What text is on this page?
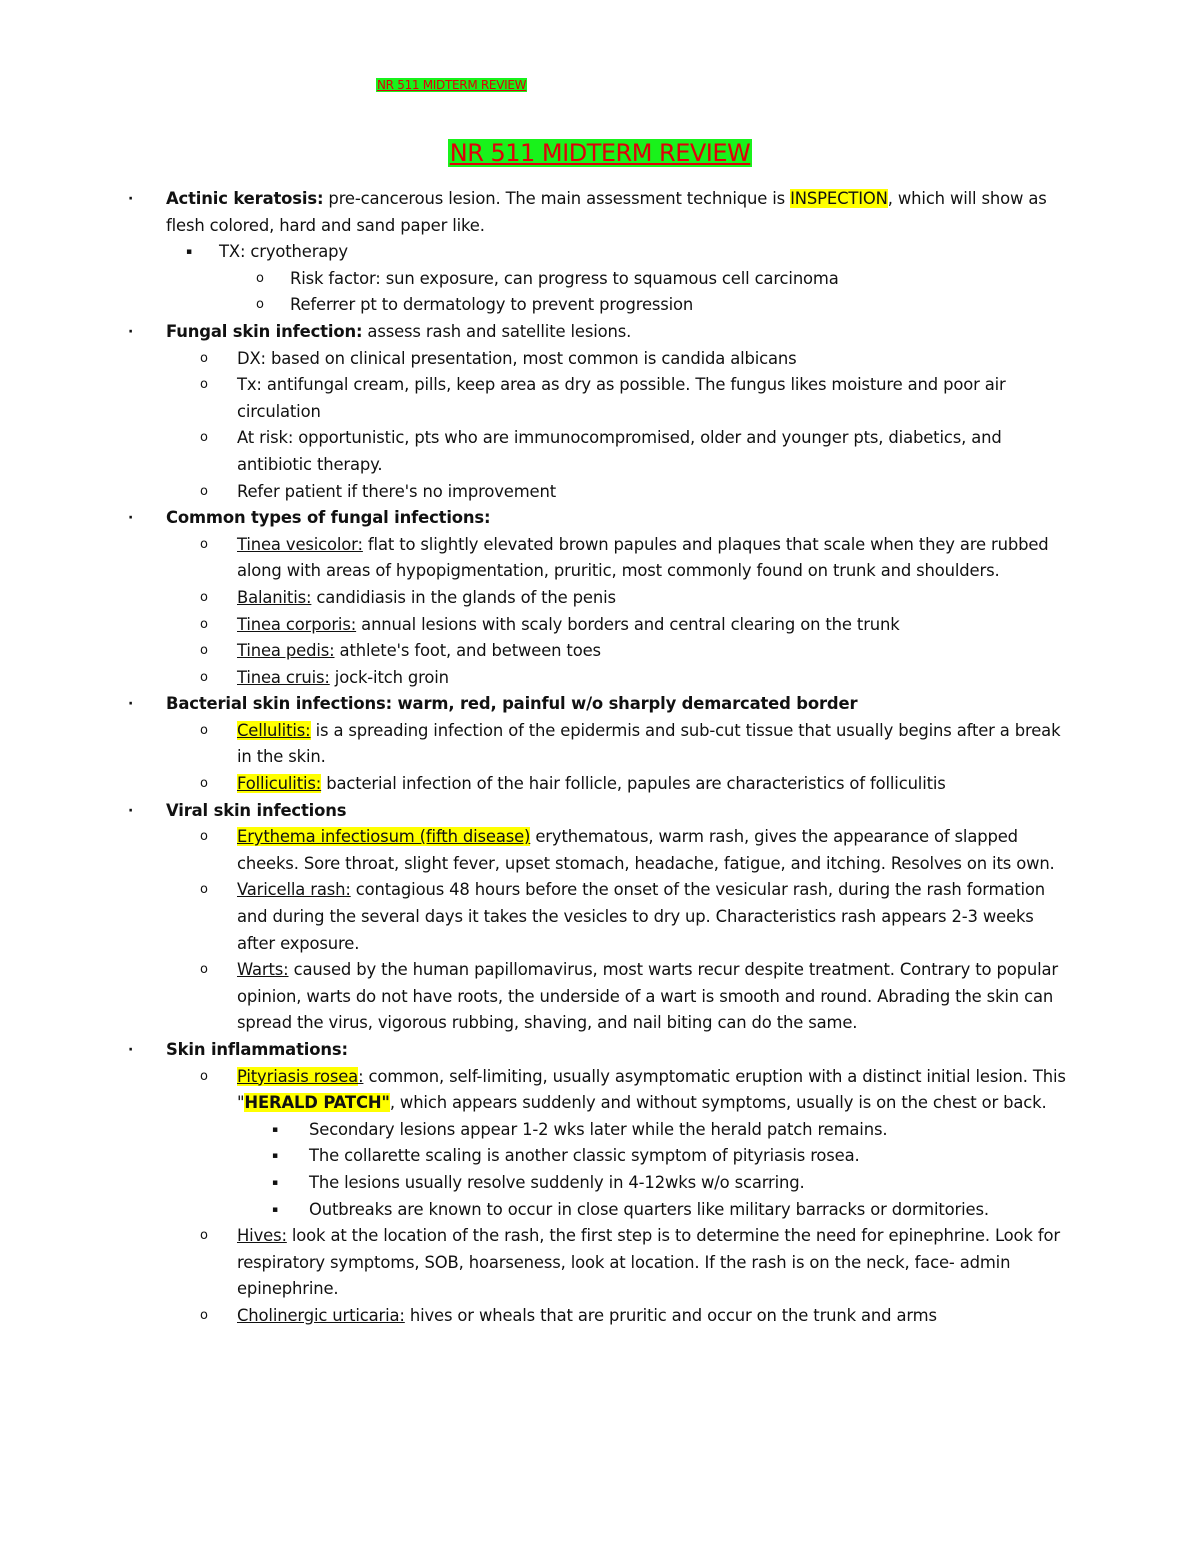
NR 511 MIDTERM REVIEW
NR 511 MIDTERM REVIEW
· Actinic keratosis: pre-cancerous lesion. The main assessment technique is INSPECTION, which will show as flesh colored, hard and sand paper like.
▪ TX: cryotherapy
o Risk factor: sun exposure, can progress to squamous cell carcinoma
o Referrer pt to dermatology to prevent progression
· Fungal skin infection: assess rash and satellite lesions.
o DX: based on clinical presentation, most common is candida albicans
o Tx: antifungal cream, pills, keep area as dry as possible. The fungus likes moisture and poor air circulation
o At risk: opportunistic, pts who are immunocompromised, older and younger pts, diabetics, and antibiotic therapy.
o Refer patient if there's no improvement
· Common types of fungal infections:
o Tinea vesicolor: flat to slightly elevated brown papules and plaques that scale when they are rubbed along with areas of hypopigmentation, pruritic, most commonly found on trunk and shoulders.
o Balanitis: candidiasis in the glands of the penis
o Tinea corporis: annual lesions with scaly borders and central clearing on the trunk
o Tinea pedis: athlete's foot, and between toes
o Tinea cruis: jock-itch groin
· Bacterial skin infections: warm, red, painful w/o sharply demarcated border
o Cellulitis: is a spreading infection of the epidermis and sub-cut tissue that usually begins after a break in the skin.
o Folliculitis: bacterial infection of the hair follicle, papules are characteristics of folliculitis
· Viral skin infections
o Erythema infectiosum (fifth disease) erythematous, warm rash, gives the appearance of slapped cheeks. Sore throat, slight fever, upset stomach, headache, fatigue, and itching. Resolves on its own.
o Varicella rash: contagious 48 hours before the onset of the vesicular rash, during the rash formation and during the several days it takes the vesicles to dry up. Characteristics rash appears 2-3 weeks after exposure.
o Warts: caused by the human papillomavirus, most warts recur despite treatment. Contrary to popular opinion, warts do not have roots, the underside of a wart is smooth and round. Abrading the skin can spread the virus, vigorous rubbing, shaving, and nail biting can do the same.
· Skin inflammations:
o Pityriasis rosea: common, self-limiting, usually asymptomatic eruption with a distinct initial lesion. This "HERALD PATCH", which appears suddenly and without symptoms, usually is on the chest or back.
▪ Secondary lesions appear 1-2 wks later while the herald patch remains.
▪ The collarette scaling is another classic symptom of pityriasis rosea.
▪ The lesions usually resolve suddenly in 4-12wks w/o scarring.
▪ Outbreaks are known to occur in close quarters like military barracks or dormitories.
o Hives: look at the location of the rash, the first step is to determine the need for epinephrine. Look for respiratory symptoms, SOB, hoarseness, look at location. If the rash is on the neck, face- admin epinephrine.
o Cholinergic urticaria: hives or wheals that are pruritic and occur on the trunk and arms
